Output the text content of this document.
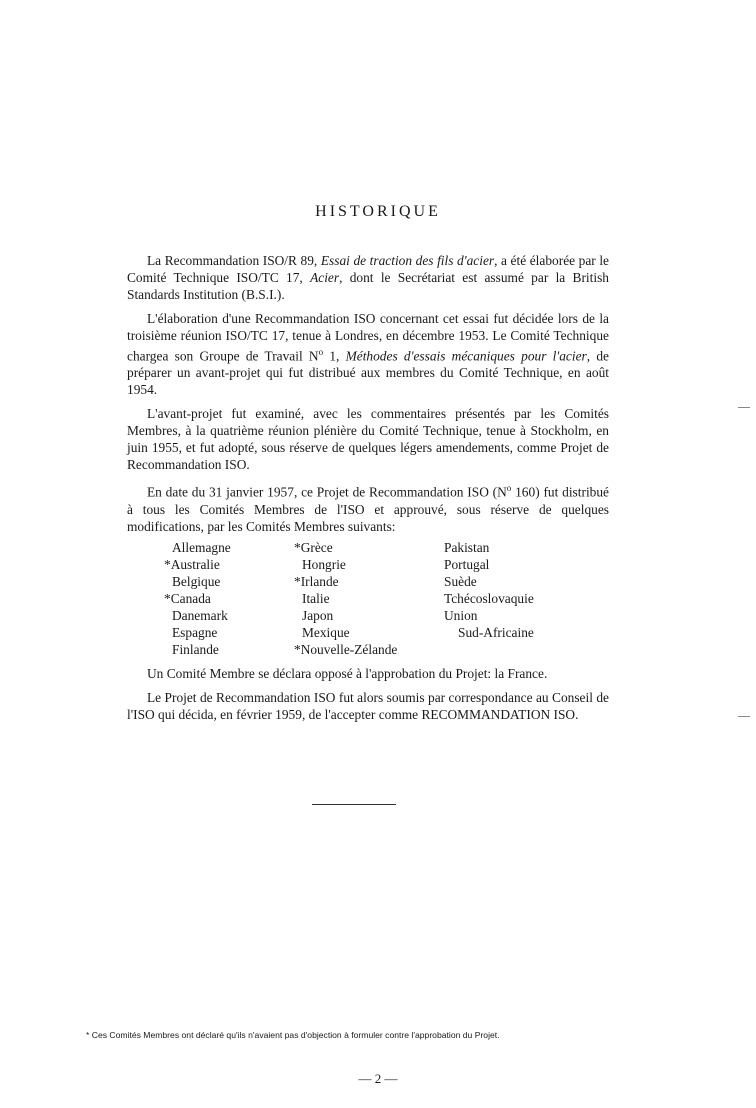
HISTORIQUE

La Recommandation ISO/R 89, Essai de traction des fils d'acier, a été élaborée par le Comité Technique ISO/TC 17, Acier, dont le Secrétariat est assumé par la British Standards Institution (B.S.I.).

L'élaboration d'une Recommandation ISO concernant cet essai fut décidée lors de la troisième réunion ISO/TC 17, tenue à Londres, en décembre 1953. Le Comité Technique chargea son Groupe de Travail $N^o$ 1, Méthodes d'essais mécaniques pour l'acier, de préparer un avant-projet qui fut distribué aux membres du Comité Technique, en août 1954.

L'avant-projet fut examiné, avec les commentaires présentés par les Comités Membres, à la quatrième réunion plénière du Comité Technique, tenue à Stockholm, en juin 1955, et fut adopté, sous réserve de quelques légers amendements, comme Projet de Recommandation ISO.

En date du 31 janvier 1957, ce Projet de Recommandation ISO ($N^o$ 160) fut distribué à tous les Comités Membres de l'ISO et approuvé, sous réserve de quelques modifications, par les Comités Membres suivants:

Allemagne
*Australie
Belgique
*Canada
Danemark
Espagne
Finlande
*Grèce
Hongrie
*Irlande
Italie
Japon
Mexique
*Nouvelle-Zélande
Pakistan
Portugal
Suède
Tchécoslovaquie
Union
Sud-Africaine

Un Comité Membre se déclara opposé à l'approbation du Projet: la France.

Le Projet de Recommandation ISO fut alors soumis par correspondance au Conseil de l'ISO qui décida, en février 1959, de l'accepter comme RECOMMANDATION ISO.

* Ces Comités Membres ont déclaré qu'ils n'avaient pas d'objection à formuler contre l'approbation du Projet.
— 2 —
